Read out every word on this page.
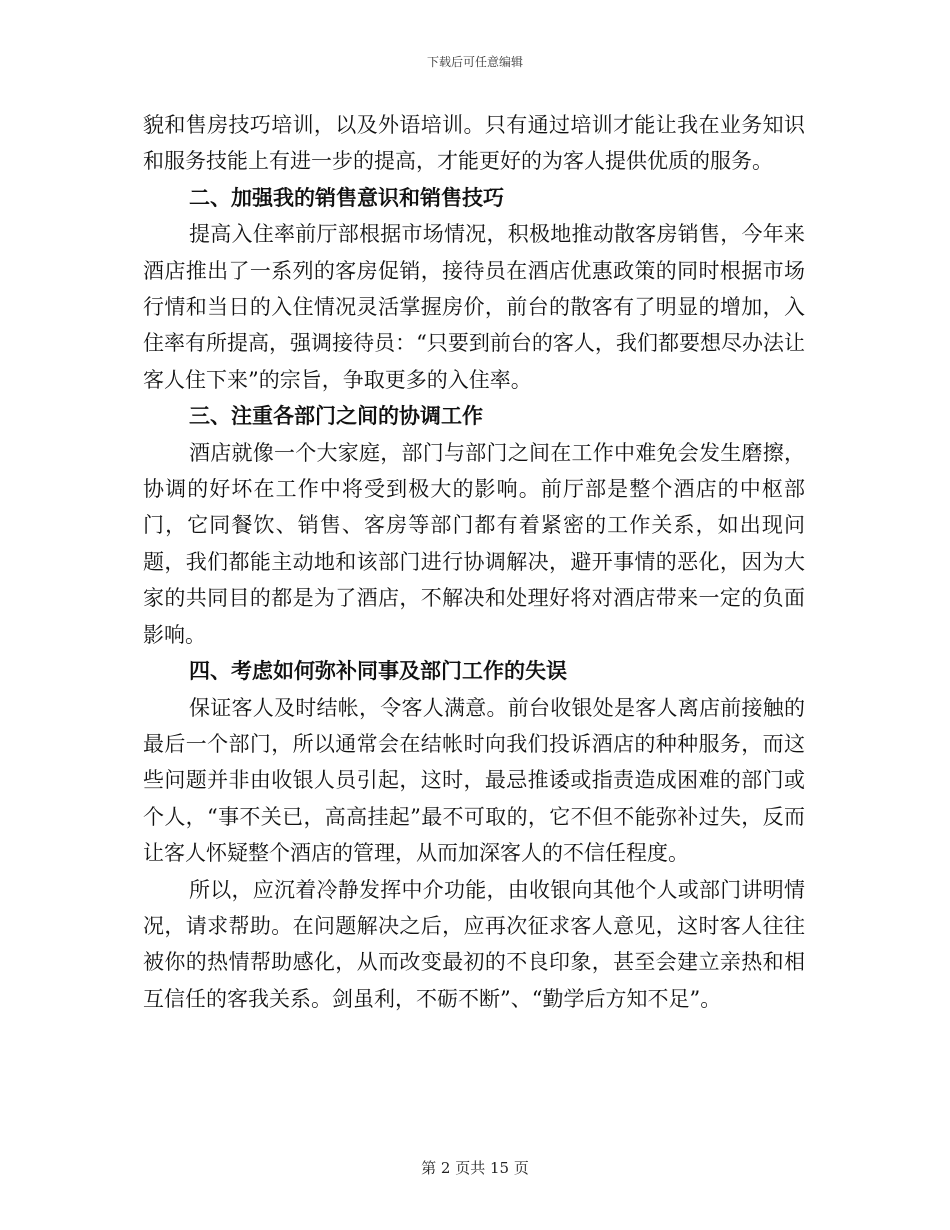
下载后可任意编辑

貌和售房技巧培训，以及外语培训。只有通过培训才能让我在业务知识和服务技能上有进一步的提高，才能更好的为客人提供优质的服务。

二、加强我的销售意识和销售技巧

提高入住率前厅部根据市场情况，积极地推动散客房销售，今年来酒店推出了一系列的客房促销，接待员在酒店优惠政策的同时根据市场行情和当日的入住情况灵活掌握房价，前台的散客有了明显的增加，入住率有所提高，强调接待员：“只要到前台的客人，我们都要想尽办法让客人住下来”的宗旨，争取更多的入住率。

三、注重各部门之间的协调工作

酒店就像一个大家庭，部门与部门之间在工作中难免会发生磨擦，协调的好坏在工作中将受到极大的影响。前厅部是整个酒店的中枢部门，它同餐饮、销售、客房等部门都有着紧密的工作关系，如出现问题，我们都能主动地和该部门进行协调解决，避开事情的恶化，因为大家的共同目的都是为了酒店，不解决和处理好将对酒店带来一定的负面影响。

四、考虑如何弥补同事及部门工作的失误

保证客人及时结帐，令客人满意。前台收银处是客人离店前接触的最后一个部门，所以通常会在结帐时向我们投诉酒店的种种服务，而这些问题并非由收银人员引起，这时，最忌推诿或指责造成困难的部门或个人，“事不关已，高高挂起”最不可取的，它不但不能弥补过失，反而让客人怀疑整个酒店的管理，从而加深客人的不信任程度。

所以，应沉着冷静发挥中介功能，由收银向其他个人或部门讲明情况，请求帮助。在问题解决之后，应再次征求客人意见，这时客人往往被你的热情帮助感化，从而改变最初的不良印象，甚至会建立亲热和相互信任的客我关系。剑虽利，不砺不断”、“勤学后方知不足”。

第 2 页共 15 页
